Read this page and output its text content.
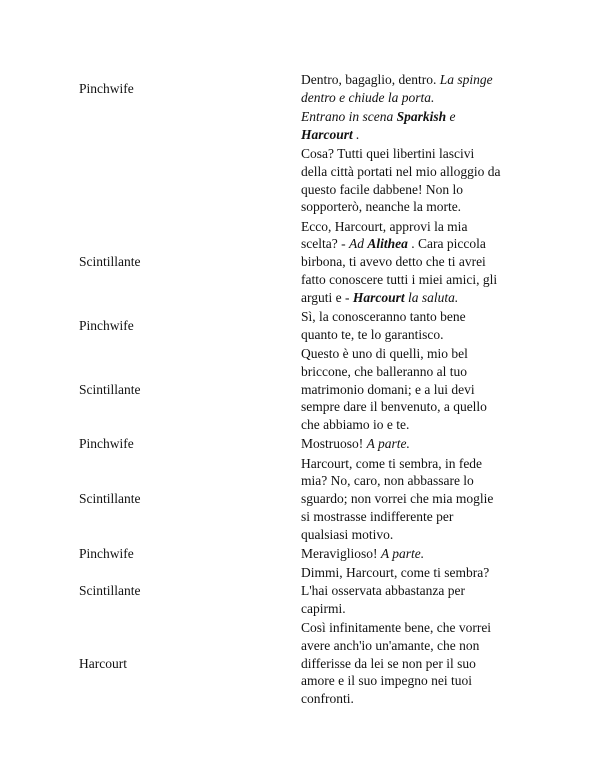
Pinchwife
Dentro, bagaglio, dentro. La spinge
dentro e chiude la porta.
Entrano in scena Sparkish e
Harcourt .
Cosa? Tutti quei libertini lascivi
della città portati nel mio alloggio da
questo facile dabbene! Non lo
sopporterò, neanche la morte.
Scintillante
Ecco, Harcourt, approvi la mia
scelta? - Ad Alithea . Cara piccola
birbona, ti avevo detto che ti avrei
fatto conoscere tutti i miei amici, gli
arguti e - Harcourt la saluta.
Pinchwife
Sì, la conosceranno tanto bene
quanto te, te lo garantisco.
Scintillante
Questo è uno di quelli, mio bel
briccone, che balleranno al tuo
matrimonio domani; e a lui devi
sempre dare il benvenuto, a quello
che abbiamo io e te.
Pinchwife	Mostruoso! A parte.
Scintillante
Harcourt, come ti sembra, in fede
mia? No, caro, non abbassare lo
sguardo; non vorrei che mia moglie
si mostrasse indifferente per
qualsiasi motivo.
Pinchwife	Meraviglioso! A parte.
Scintillante
Dimmi, Harcourt, come ti sembra?
L'hai osservata abbastanza per
capirmi.
Harcourt
Così infinitamente bene, che vorrei
avere anch'io un'amante, che non
differisse da lei se non per il suo
amore e il suo impegno nei tuoi
confronti.
